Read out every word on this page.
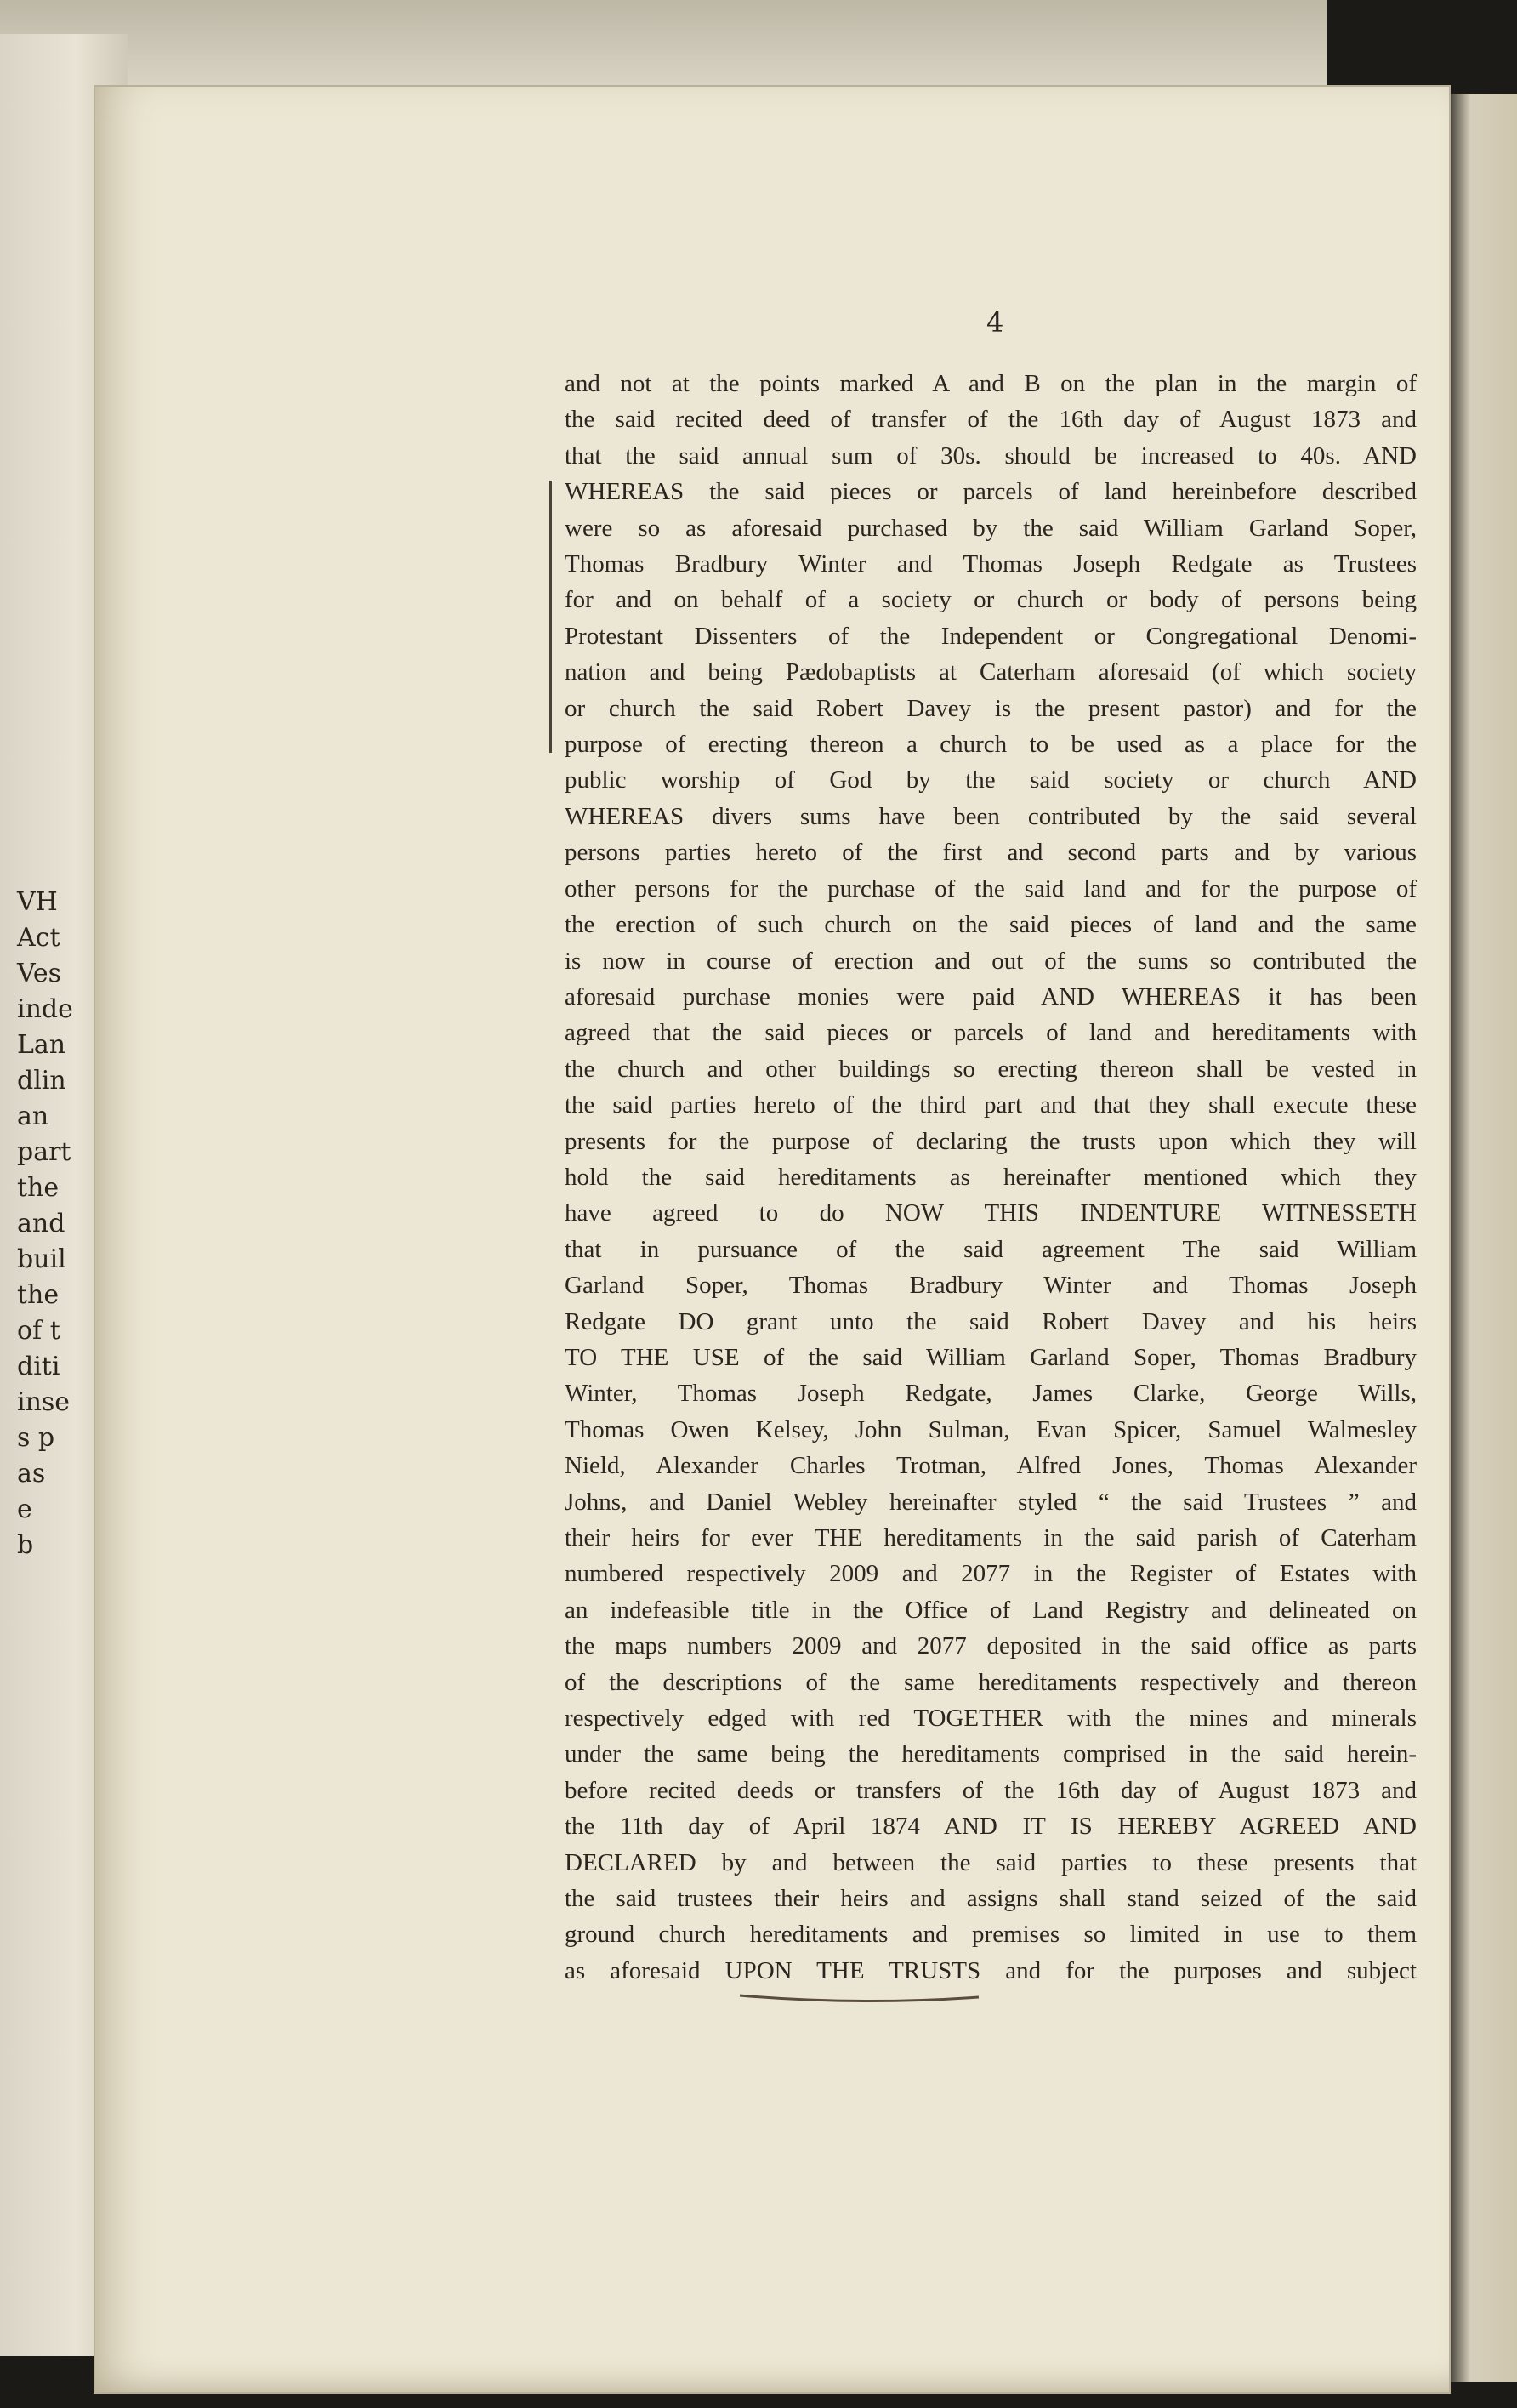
VH
Act
Ves
inde
Lan
dlin
an
part
the
and
buil
the
of t
diti
inse
s p
as
e
b
4

and not at the points marked A and B on the plan in the margin of
the said recited deed of transfer of the 16th day of August 1873 and
that the said annual sum of 30s. should be increased to 40s. AND
WHEREAS the said pieces or parcels of land hereinbefore described
were so as aforesaid purchased by the said William Garland Soper,
Thomas Bradbury Winter and Thomas Joseph Redgate as Trustees
for and on behalf of a society or church or body of persons being
Protestant Dissenters of the Independent or Congregational Denomi-
nation and being Pædobaptists at Caterham aforesaid (of which society
or church the said Robert Davey is the present pastor) and for the
purpose of erecting thereon a church to be used as a place for the
public worship of God by the said society or church AND
WHEREAS divers sums have been contributed by the said several
persons parties hereto of the first and second parts and by various
other persons for the purchase of the said land and for the purpose of
the erection of such church on the said pieces of land and the same
is now in course of erection and out of the sums so contributed the
aforesaid purchase monies were paid AND WHEREAS it has been
agreed that the said pieces or parcels of land and hereditaments with
the church and other buildings so erecting thereon shall be vested in
the said parties hereto of the third part and that they shall execute these
presents for the purpose of declaring the trusts upon which they will
hold the said hereditaments as hereinafter mentioned which they
have agreed to do NOW THIS INDENTURE WITNESSETH
that in pursuance of the said agreement The said William
Garland Soper, Thomas Bradbury Winter and Thomas Joseph
Redgate DO grant unto the said Robert Davey and his heirs
TO THE USE of the said William Garland Soper, Thomas Bradbury
Winter, Thomas Joseph Redgate, James Clarke, George Wills,
Thomas Owen Kelsey, John Sulman, Evan Spicer, Samuel Walmesley
Nield, Alexander Charles Trotman, Alfred Jones, Thomas Alexander
Johns, and Daniel Webley hereinafter styled “ the said Trustees ” and
their heirs for ever THE hereditaments in the said parish of Caterham
numbered respectively 2009 and 2077 in the Register of Estates with
an indefeasible title in the Office of Land Registry and delineated on
the maps numbers 2009 and 2077 deposited in the said office as parts
of the descriptions of the same hereditaments respectively and thereon
respectively edged with red TOGETHER with the mines and minerals
under the same being the hereditaments comprised in the said herein-
before recited deeds or transfers of the 16th day of August 1873 and
the 11th day of April 1874 AND IT IS HEREBY AGREED AND
DECLARED by and between the said parties to these presents that
the said trustees their heirs and assigns shall stand seized of the said
ground church hereditaments and premises so limited in use to them
as aforesaid UPON THE TRUSTS and for the purposes and subject
